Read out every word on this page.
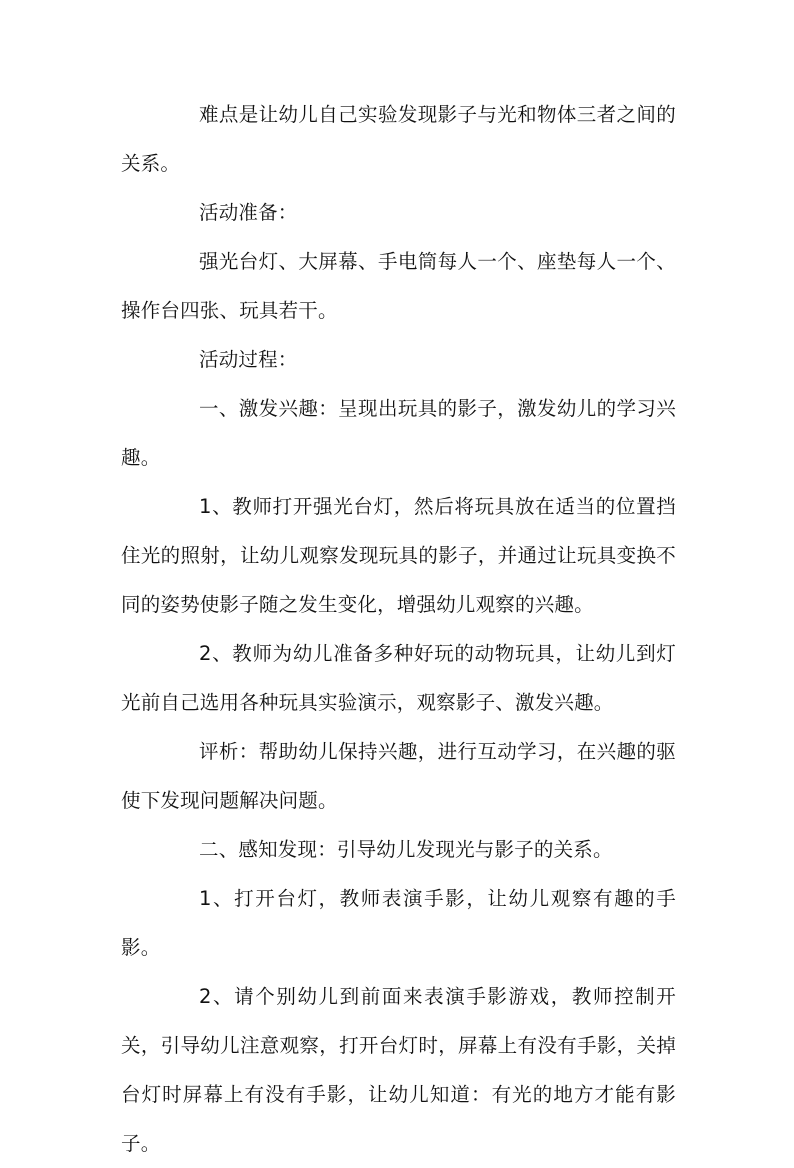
难点是让幼儿自己实验发现影子与光和物体三者之间的关系。

活动准备：

强光台灯、大屏幕、手电筒每人一个、座垫每人一个、操作台四张、玩具若干。

活动过程：

一、激发兴趣：呈现出玩具的影子，激发幼儿的学习兴趣。

1、教师打开强光台灯，然后将玩具放在适当的位置挡住光的照射，让幼儿观察发现玩具的影子，并通过让玩具变换不同的姿势使影子随之发生变化，增强幼儿观察的兴趣。

2、教师为幼儿准备多种好玩的动物玩具，让幼儿到灯光前自己选用各种玩具实验演示，观察影子、激发兴趣。

评析：帮助幼儿保持兴趣，进行互动学习，在兴趣的驱使下发现问题解决问题。

二、感知发现：引导幼儿发现光与影子的关系。

1、打开台灯，教师表演手影，让幼儿观察有趣的手影。

2、请个别幼儿到前面来表演手影游戏，教师控制开关，引导幼儿注意观察，打开台灯时，屏幕上有没有手影，关掉台灯时屏幕上有没有手影，让幼儿知道：有光的地方才能有影子。
